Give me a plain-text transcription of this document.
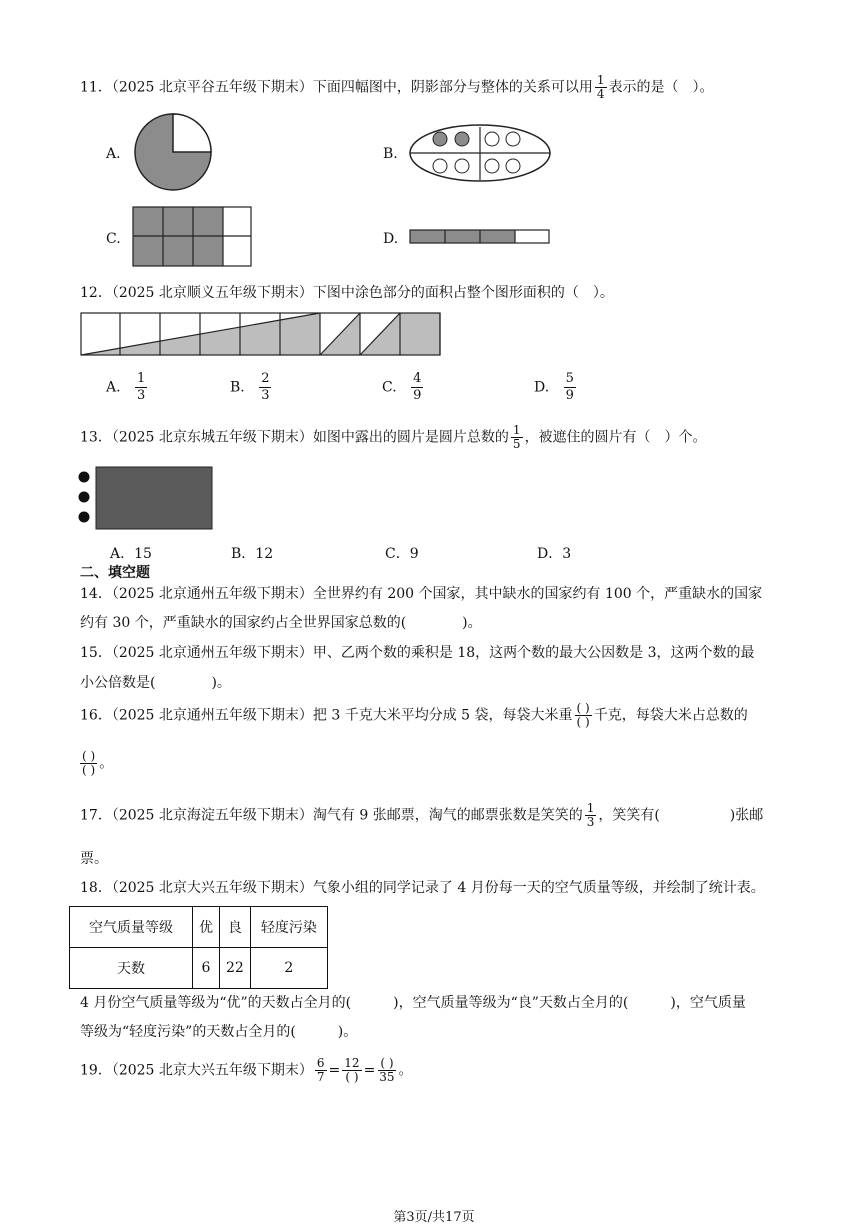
11．（2025 北京平谷五年级下期末）下面四幅图中，阴影部分与整体的关系可以用 $\frac{1}{4}$ 表示的是（　）。
A.	B.
C.	D.
12．（2025 北京顺义五年级下期末）下图中涂色部分的面积占整个图形面积的（　）。
A. $\frac{1}{3}$	B. $\frac{2}{3}$	C. $\frac{4}{9}$	D. $\frac{5}{9}$
13．（2025 北京东城五年级下期末）如图中露出的圆片是圆片总数的 $\frac{1}{5}$ ，被遮住的圆片有（　）个。
A．15	B．12	C．9	D．3
二、填空题
14．（2025 北京通州五年级下期末）全世界约有 200 个国家，其中缺水的国家约有 100 个，严重缺水的国家
约有 30 个，严重缺水的国家约占全世界国家总数的(　　　　)。
15．（2025 北京通州五年级下期末）甲、乙两个数的乘积是 18，这两个数的最大公因数是 3，这两个数的最
小公倍数是(　　　　)。
16．（2025 北京通州五年级下期末）把 3 千克大米平均分成 5 袋，每袋大米重 $\frac{( )}{( )}$ 千克，每袋大米占总数的
$\frac{( )}{( )}$ 。
17．（2025 北京海淀五年级下期末）淘气有 9 张邮票，淘气的邮票张数是笑笑的 $\frac{1}{3}$ ，笑笑有(　　　　　)张邮
票。
18．（2025 北京大兴五年级下期末）气象小组的同学记录了 4 月份每一天的空气质量等级，并绘制了统计表。
空气质量等级	优	良	轻度污染
天数	6	22	2
4 月份空气质量等级为“优”的天数占全月的(　　　)，空气质量等级为“良”天数占全月的(　　　)，空气质量
等级为“轻度污染”的天数占全月的(　　　)。
19．（2025 北京大兴五年级下期末） $\frac{6}{7} = \frac{12}{( )} = \frac{( )}{35}$ 。
第3页/共17页
